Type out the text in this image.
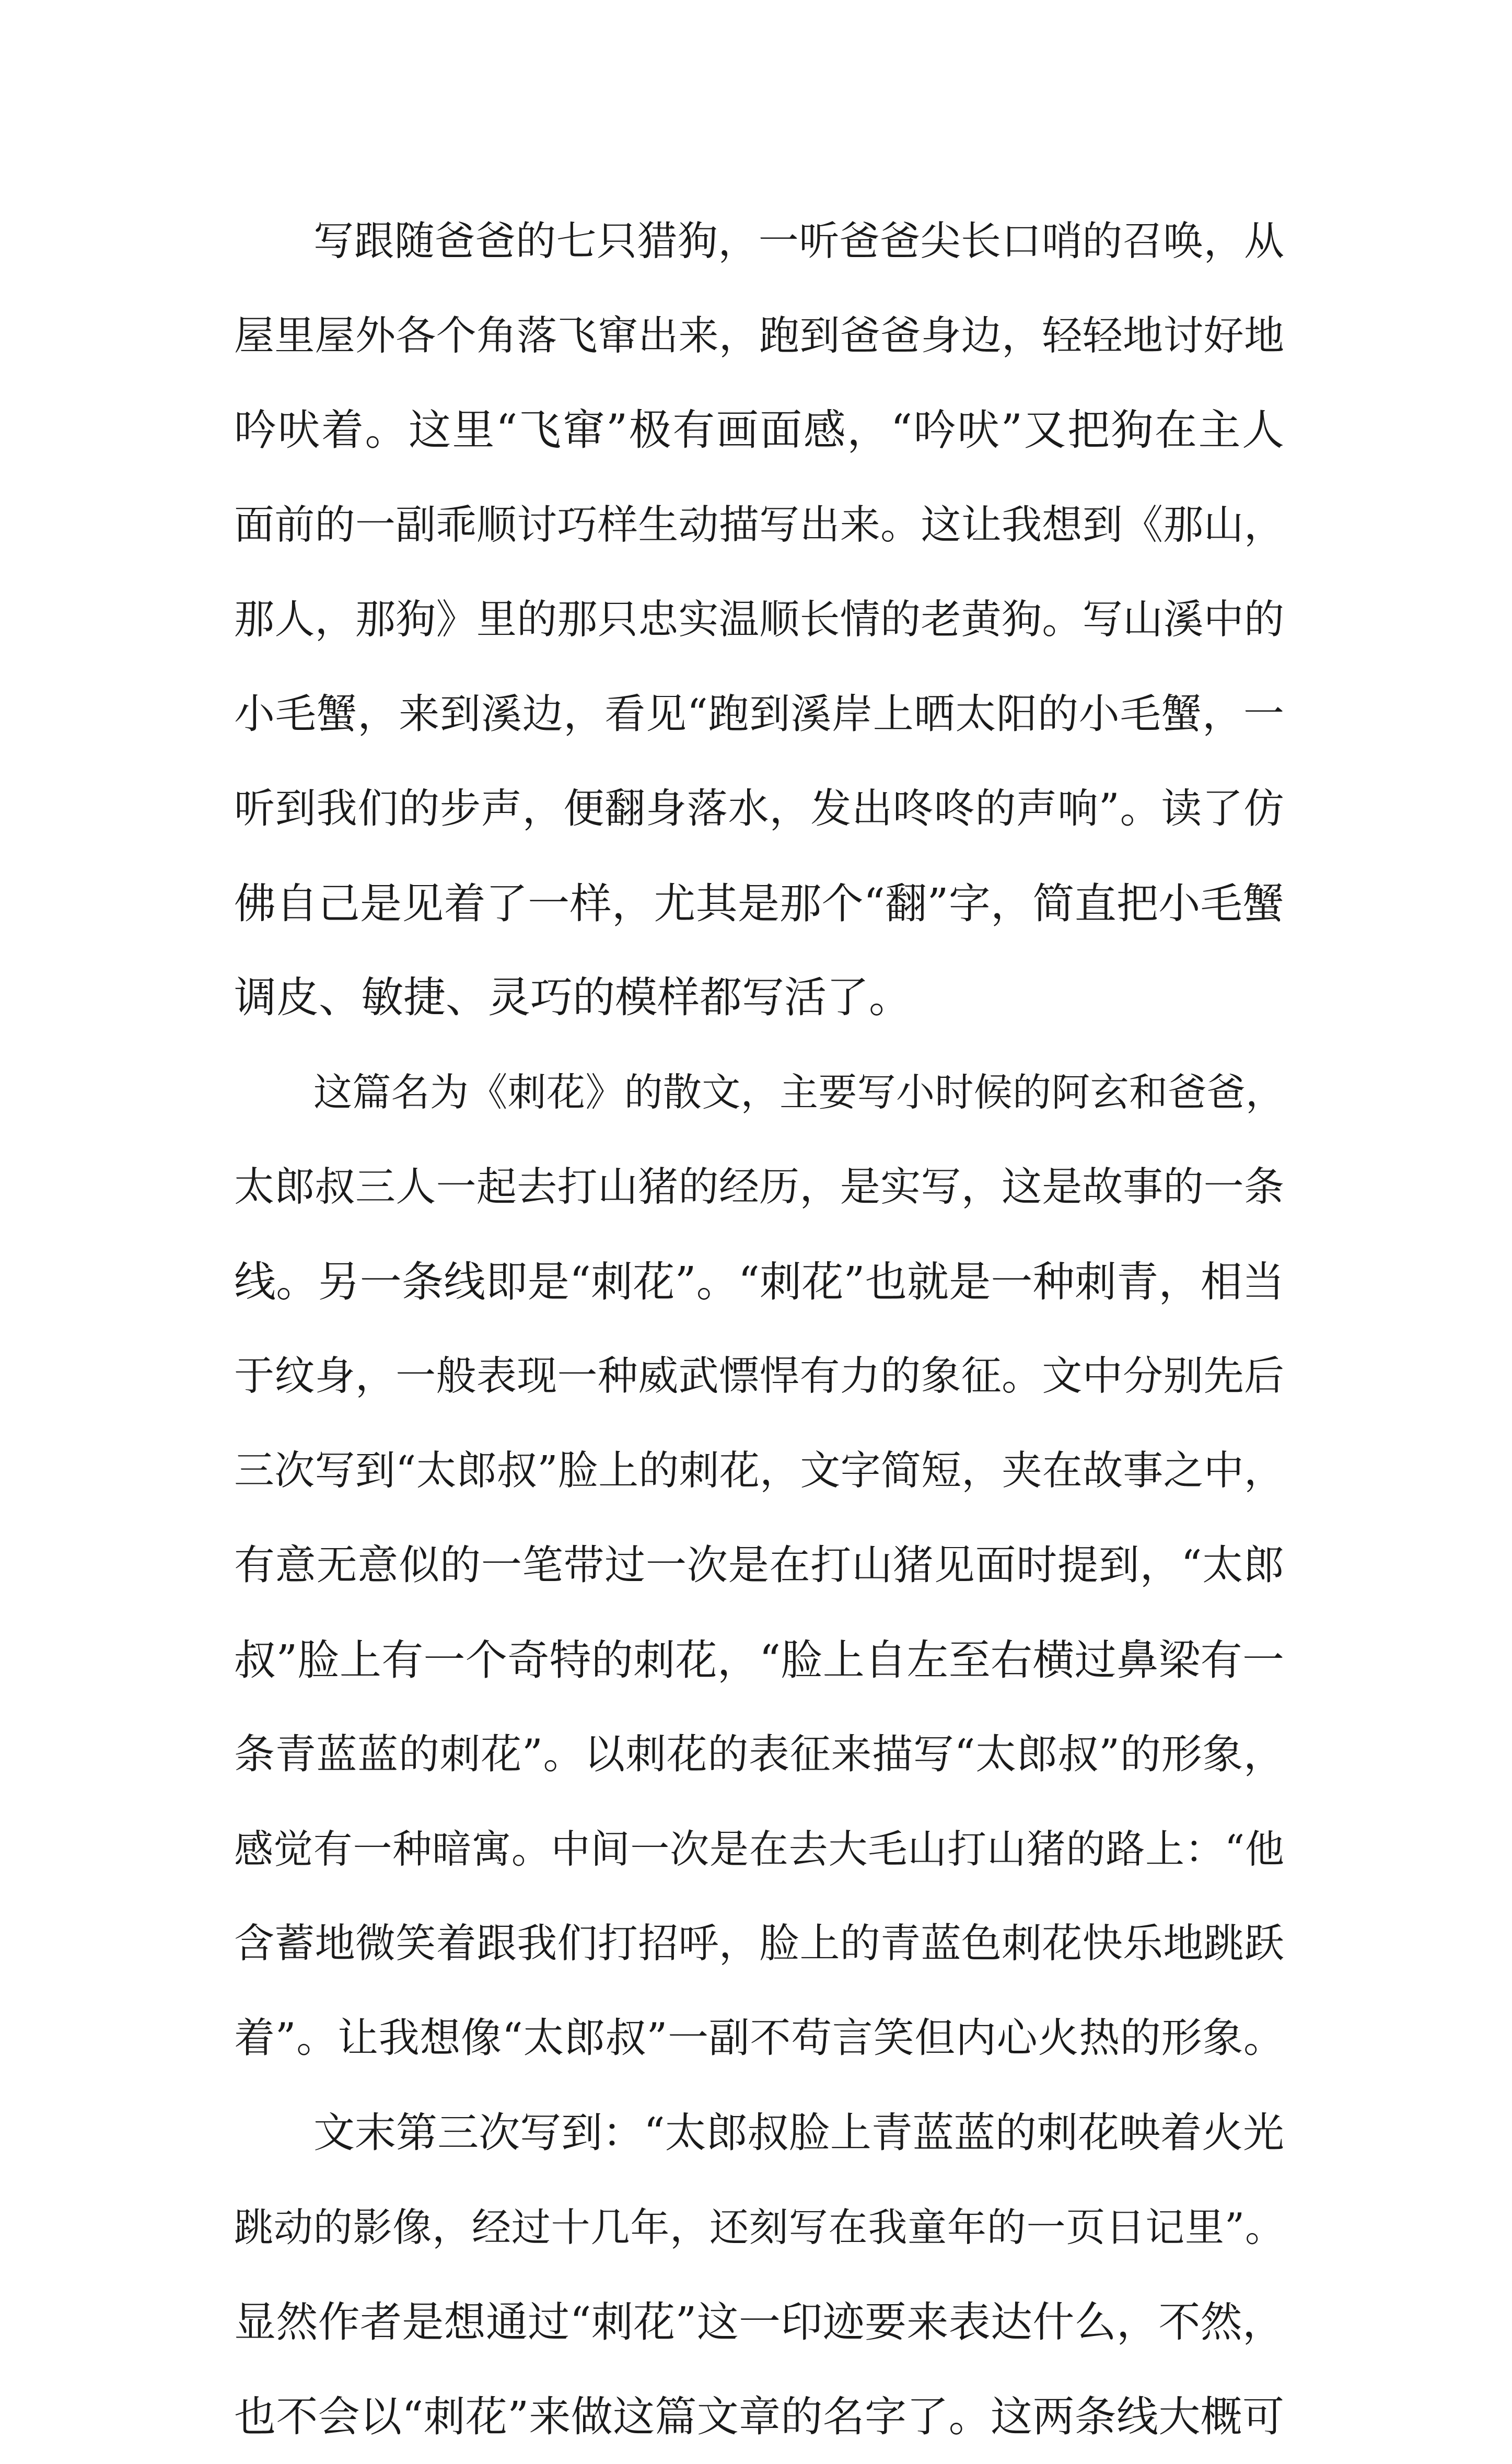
写跟随爸爸的七只猎狗，一听爸爸尖长口哨的召唤，从
屋里屋外各个角落飞窜出来，跑到爸爸身边，轻轻地讨好地
吟吠着。这里“飞窜”极有画面感，“吟吠”又把狗在主人
面前的一副乖顺讨巧样生动描写出来。这让我想到《那山，
那人，那狗》里的那只忠实温顺长情的老黄狗。写山溪中的
小毛蟹，来到溪边，看见“跑到溪岸上晒太阳的小毛蟹，一
听到我们的步声，便翻身落水，发出咚咚的声响”。读了仿
佛自己是见着了一样，尤其是那个“翻”字，简直把小毛蟹
调皮、敏捷、灵巧的模样都写活了。
这篇名为《刺花》的散文，主要写小时候的阿玄和爸爸，
太郎叔三人一起去打山猪的经历，是实写，这是故事的一条
线。另一条线即是“刺花”。“刺花”也就是一种刺青，相当
于纹身，一般表现一种威武慓悍有力的象征。文中分别先后
三次写到“太郎叔”脸上的刺花，文字简短，夹在故事之中，
有意无意似的一笔带过一次是在打山猪见面时提到，“太郎
叔”脸上有一个奇特的刺花，“脸上自左至右横过鼻梁有一
条青蓝蓝的刺花”。以刺花的表征来描写“太郎叔”的形象，
感觉有一种暗寓。中间一次是在去大毛山打山猪的路上：“他
含蓄地微笑着跟我们打招呼，脸上的青蓝色刺花快乐地跳跃
着”。让我想像“太郎叔”一副不苟言笑但内心火热的形象。
文末第三次写到：“太郎叔脸上青蓝蓝的刺花映着火光
跳动的影像，经过十几年，还刻写在我童年的一页日记里”。
显然作者是想通过“刺花”这一印迹要来表达什么，不然，
也不会以“刺花”来做这篇文章的名字了。这两条线大概可
